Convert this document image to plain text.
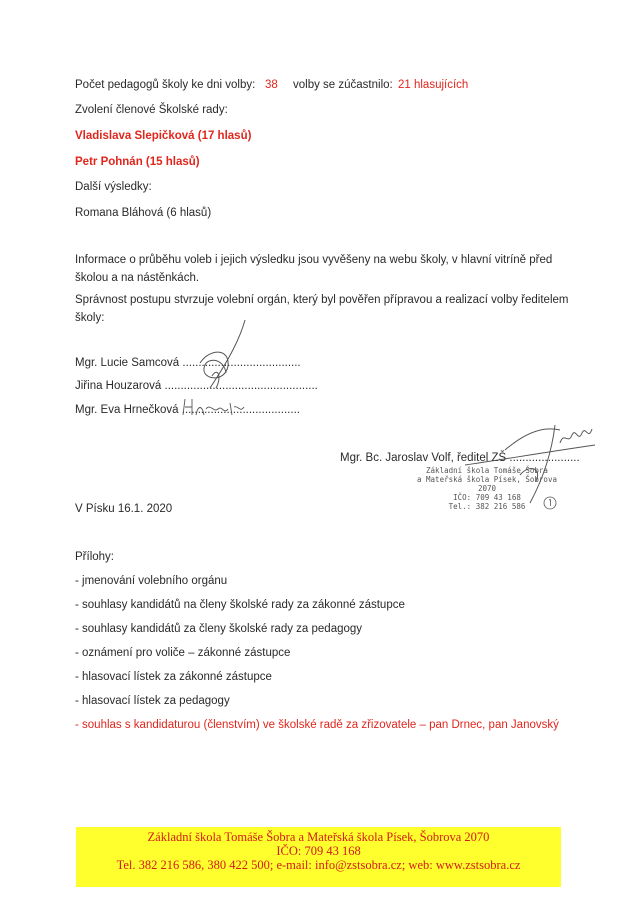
Počet pedagogů školy ke dni volby: 38 volby se zúčastnilo: 21 hlasujících
Zvolení členové Školské rady:
Vladislava Slepičková (17 hlasů)
Petr Pohnán (15 hlasů)
Další výsledky:
Romana Bláhová (6 hlasů)
Informace o průběhu voleb i jejich výsledku jsou vyvěšeny na webu školy, v hlavní vitríně před školou a na nástěnkách.
Správnost postupu stvrzuje volební orgán, který byl pověřen přípravou a realizací volby ředitelem školy:
Mgr. Lucie Samcová .....................................
Jiřina Houzarová ................................................
Mgr. Eva Hrnečková .....................................
Mgr. Bc. Jaroslav Volf, ředitel ZŠ ......................
Základní škola Tomáše Šobra
a Mateřská škola Písek, Šobrova 2070
IČO: 709 43 168
Tel.: 382 216 586
V Písku 16.1. 2020
Přílohy:
- jmenování volebního orgánu
- souhlasy kandidátů na členy školské rady za zákonné zástupce
- souhlasy kandidátů za členy školské rady za pedagogy
- oznámení pro voliče – zákonné zástupce
- hlasovací lístek za zákonné zástupce
- hlasovací lístek za pedagogy
- souhlas s kandidaturou (členstvím) ve školské radě za zřizovatele – pan Drnec, pan Janovský
Základní škola Tomáše Šobra a Mateřská škola Písek, Šobrova 2070
IČO: 709 43 168
Tel. 382 216 586, 380 422 500; e-mail: info@zstsobra.cz; web: www.zstsobra.cz
